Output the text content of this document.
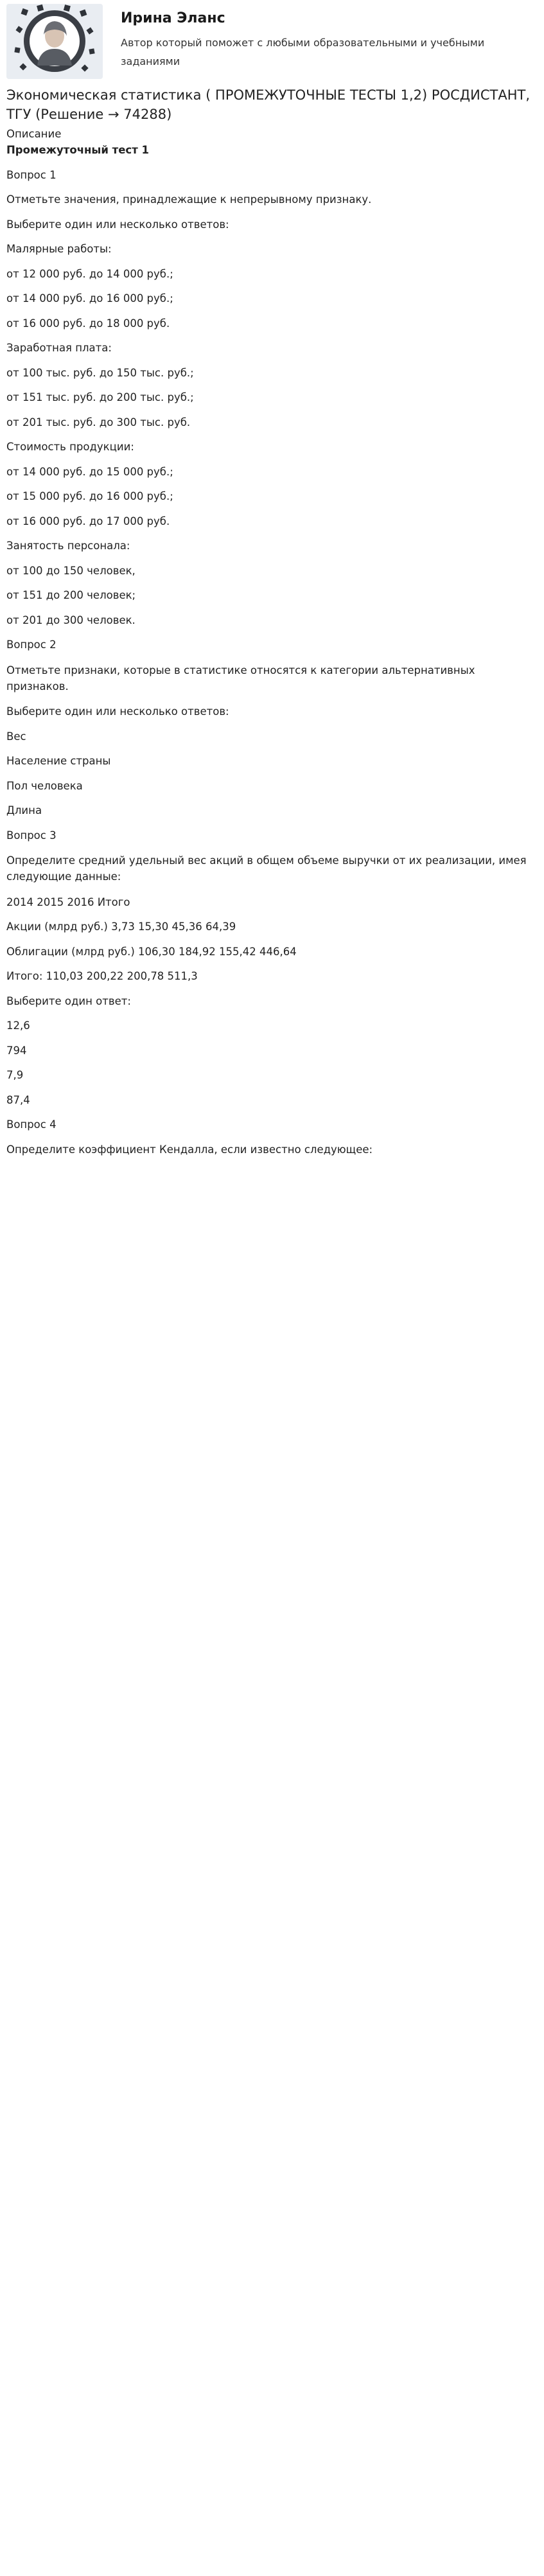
Ирина Эланс
Автор который поможет с любыми образовательными и учебными заданиями
Экономическая статистика ( ПРОМЕЖУТОЧНЫЕ ТЕСТЫ 1,2) РОСДИСТАНТ, ТГУ (Решение → 74288)
Описание
Промежуточный тест 1
Вопрос 1
Отметьте значения, принадлежащие к непрерывному признаку.
Выберите один или несколько ответов:
Малярные работы:
от 12 000 руб. до 14 000 руб.;
от 14 000 руб. до 16 000 руб.;
от 16 000 руб. до 18 000 руб.
Заработная плата:
от 100 тыс. руб. до 150 тыс. руб.;
от 151 тыс. руб. до 200 тыс. руб.;
от 201 тыс. руб. до 300 тыс. руб.
Стоимость продукции:
от 14 000 руб. до 15 000 руб.;
от 15 000 руб. до 16 000 руб.;
от 16 000 руб. до 17 000 руб.
Занятость персонала:
от 100 до 150 человек,
от 151 до 200 человек;
от 201 до 300 человек.
Вопрос 2
Отметьте признаки, которые в статистике относятся к категории альтернативных признаков.
Выберите один или несколько ответов:
Вес
Население страны
Пол человека
Длина
Вопрос 3
Определите средний удельный вес акций в общем объеме выручки от их реализации, имея следующие данные:
2014 2015 2016 Итого
Акции (млрд руб.) 3,73 15,30 45,36 64,39
Облигации (млрд руб.) 106,30 184,92 155,42 446,64
Итого: 110,03 200,22 200,78 511,3
Выберите один ответ:
12,6
794
7,9
87,4
Вопрос 4
Определите коэффициент Кендалла, если известно следующее:
